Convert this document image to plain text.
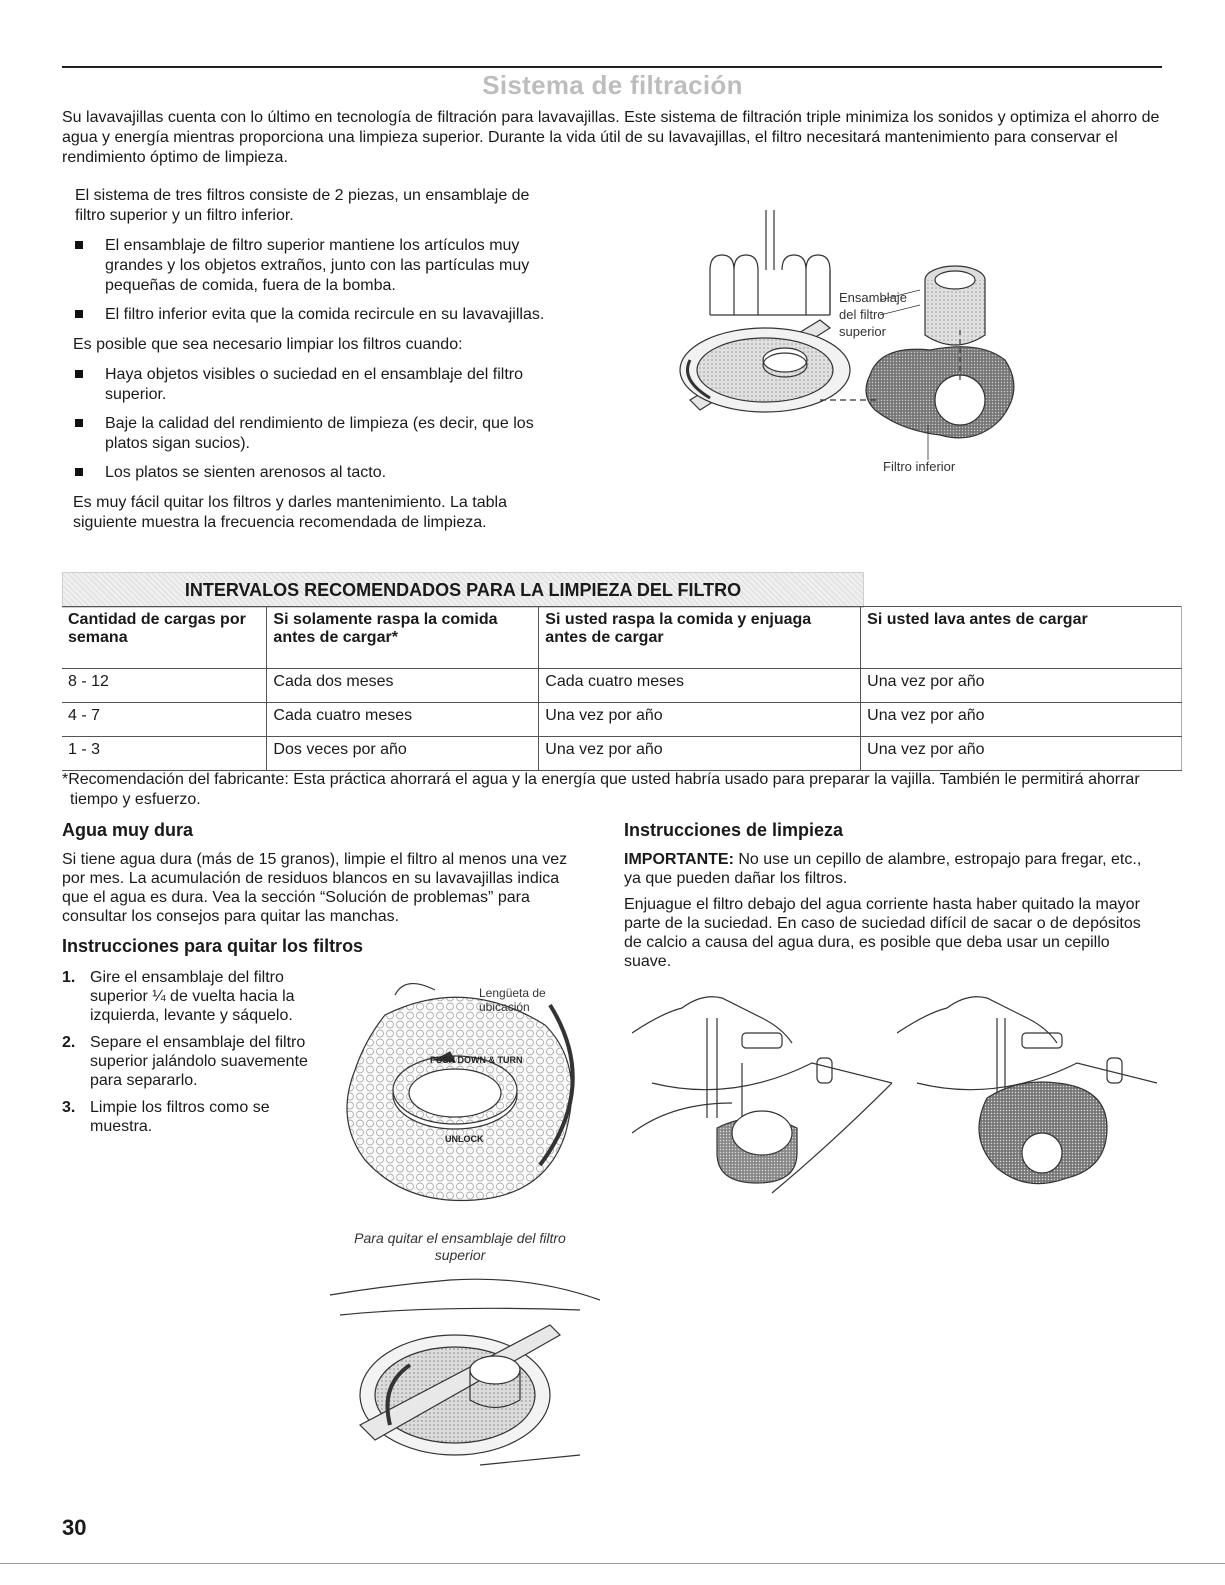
Sistema de filtración
Su lavavajillas cuenta con lo último en tecnología de filtración para lavavajillas. Este sistema de filtración triple minimiza los sonidos y optimiza el ahorro de agua y energía mientras proporciona una limpieza superior. Durante la vida útil de su lavavajillas, el filtro necesitará mantenimiento para conservar el rendimiento óptimo de limpieza.

El sistema de tres filtros consiste de 2 piezas, un ensamblaje de filtro superior y un filtro inferior.

El ensamblaje de filtro superior mantiene los artículos muy grandes y los objetos extraños, junto con las partículas muy pequeñas de comida, fuera de la bomba.
El filtro inferior evita que la comida recircule en su lavavajillas.

Es posible que sea necesario limpiar los filtros cuando:

Haya objetos visibles o suciedad en el ensamblaje del filtro superior.
Baje la calidad del rendimiento de limpieza (es decir, que los platos sigan sucios).
Los platos se sienten arenosos al tacto.

Es muy fácil quitar los filtros y darles mantenimiento. La tabla siguiente muestra la frecuencia recomendada de limpieza.

Ensamblaje
del filtro
superior
Filtro inferior
INTERVALOS RECOMENDADOS PARA LA LIMPIEZA DEL FILTRO
Cantidad de cargas por semana	Si solamente raspa la comida antes de cargar*	Si usted raspa la comida y enjuaga antes de cargar	Si usted lava antes de cargar
8 - 12	Cada dos meses	Cada cuatro meses	Una vez por año
4 - 7	Cada cuatro meses	Una vez por año	Una vez por año
1 - 3	Dos veces por año	Una vez por año	Una vez por año
*Recomendación del fabricante: Esta práctica ahorrará el agua y la energía que usted habría usado para preparar la vajilla. También le permitirá ahorrar tiempo y esfuerzo.
Agua muy dura
Si tiene agua dura (más de 15 granos), limpie el filtro al menos una vez por mes. La acumulación de residuos blancos en su lavavajillas indica que el agua es dura. Vea la sección “Solución de problemas” para consultar los consejos para quitar las manchas.
Instrucciones para quitar los filtros
1. Gire el ensamblaje del filtro superior ¼ de vuelta hacia la izquierda, levante y sáquelo.
2. Separe el ensamblaje del filtro superior jalándolo suavemente para separarlo.
3. Limpie los filtros como se muestra.
PUSH DOWN & TURN
UNLOCK
Lengüeta de
ubicación
Para quitar el ensamblaje del filtro
superior
Instrucciones de limpieza
IMPORTANTE: No use un cepillo de alambre, estropajo para fregar, etc., ya que pueden dañar los filtros.
Enjuague el filtro debajo del agua corriente hasta haber quitado la mayor parte de la suciedad. En caso de suciedad difícil de sacar o de depósitos de calcio a causa del agua dura, es posible que deba usar un cepillo suave.
30
